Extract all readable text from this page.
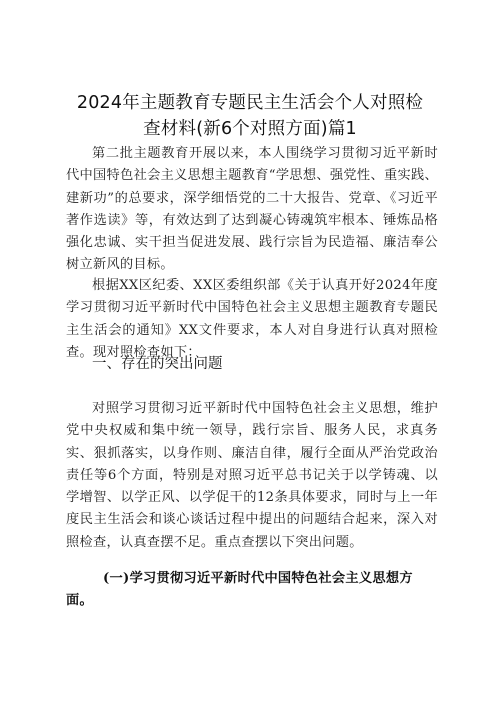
2024年主题教育专题民主生活会个人对照检
查材料(新6个对照方面)篇1
第二批主题教育开展以来，本人围绕学习贯彻习近平新时代中国特色社会主义思想主题教育“学思想、强党性、重实践、建新功”的总要求，深学细悟党的二十大报告、党章、《习近平著作选读》等，有效达到了达到凝心铸魂筑牢根本、锤炼品格强化忠诚、实干担当促进发展、践行宗旨为民造福、廉洁奉公树立新风的目标。
根据XX区纪委、XX区委组织部《关于认真开好2024年度学习贯彻习近平新时代中国特色社会主义思想主题教育专题民主生活会的通知》XX文件要求，本人对自身进行认真对照检查。现对照检查如下：
一、存在的突出问题
对照学习贯彻习近平新时代中国特色社会主义思想，维护党中央权威和集中统一领导，践行宗旨、服务人民，求真务实、狠抓落实，以身作则、廉洁自律，履行全面从严治党政治责任等6个方面，特别是对照习近平总书记关于以学铸魂、以学增智、以学正风、以学促干的12条具体要求，同时与上一年度民主生活会和谈心谈话过程中提出的问题结合起来，深入对照检查，认真查摆不足。重点查摆以下突出问题。
(一)学习贯彻习近平新时代中国特色社会主义思想方面。
